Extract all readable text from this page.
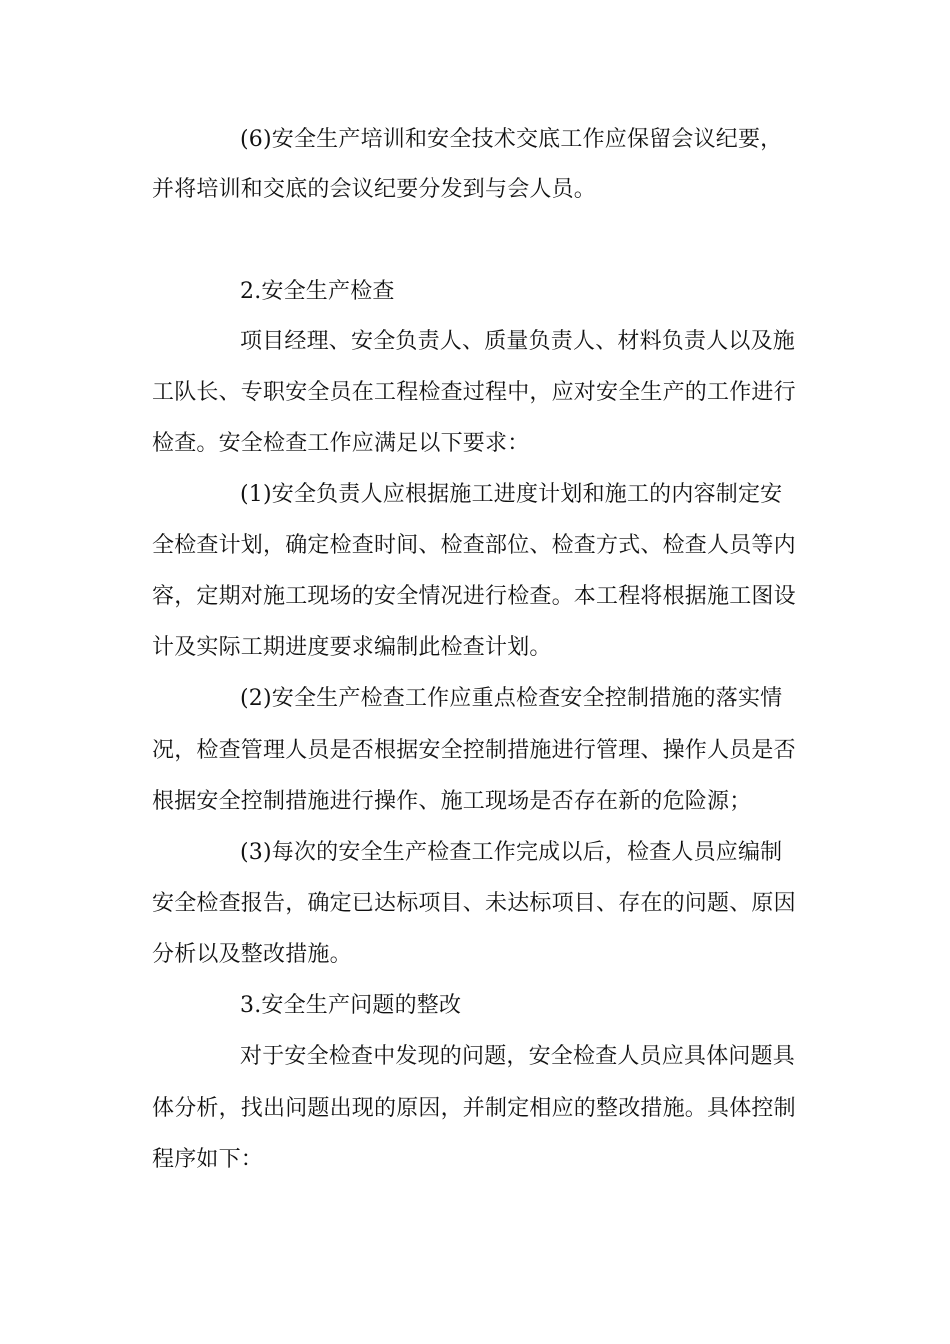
(6)安全生产培训和安全技术交底工作应保留会议纪要，
并将培训和交底的会议纪要分发到与会人员。
2.安全生产检查
项目经理、安全负责人、质量负责人、材料负责人以及施
工队长、专职安全员在工程检查过程中，应对安全生产的工作进行
检查。安全检查工作应满足以下要求：
(1)安全负责人应根据施工进度计划和施工的内容制定安
全检查计划，确定检查时间、检查部位、检查方式、检查人员等内
容，定期对施工现场的安全情况进行检查。本工程将根据施工图设
计及实际工期进度要求编制此检查计划。
(2)安全生产检查工作应重点检查安全控制措施的落实情
况，检查管理人员是否根据安全控制措施进行管理、操作人员是否
根据安全控制措施进行操作、施工现场是否存在新的危险源；
(3)每次的安全生产检查工作完成以后，检查人员应编制
安全检查报告，确定已达标项目、未达标项目、存在的问题、原因
分析以及整改措施。
3.安全生产问题的整改
对于安全检查中发现的问题，安全检查人员应具体问题具
体分析，找出问题出现的原因，并制定相应的整改措施。具体控制
程序如下：
